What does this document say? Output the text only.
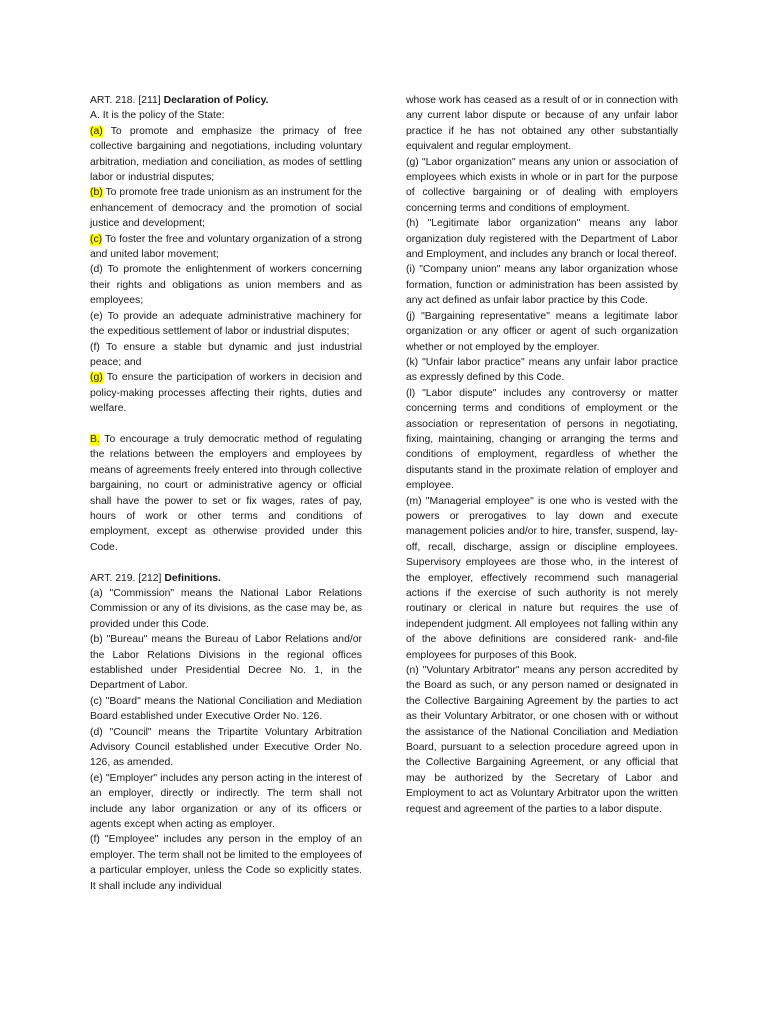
ART. 218. [211] Declaration of Policy.

A. It is the policy of the State:

(a) To promote and emphasize the primacy of free collective bargaining and negotiations, including voluntary arbitration, mediation and conciliation, as modes of settling labor or industrial disputes;

(b) To promote free trade unionism as an instrument for the enhancement of democracy and the promotion of social justice and development;

(c) To foster the free and voluntary organization of a strong and united labor movement;

(d) To promote the enlightenment of workers concerning their rights and obligations as union members and as employees;

(e) To provide an adequate administrative machinery for the expeditious settlement of labor or industrial disputes;

(f) To ensure a stable but dynamic and just industrial peace; and

(g) To ensure the participation of workers in decision and policy-making processes affecting their rights, duties and welfare.

B. To encourage a truly democratic method of regulating the relations between the employers and employees by means of agreements freely entered into through collective bargaining, no court or administrative agency or official shall have the power to set or fix wages, rates of pay, hours of work or other terms and conditions of employment, except as otherwise provided under this Code.

ART. 219. [212] Definitions.

(a) "Commission" means the National Labor Relations Commission or any of its divisions, as the case may be, as provided under this Code.

(b) "Bureau" means the Bureau of Labor Relations and/or the Labor Relations Divisions in the regional offices established under Presidential Decree No. 1, in the Department of Labor.

(c) "Board" means the National Conciliation and Mediation Board established under Executive Order No. 126.

(d) "Council" means the Tripartite Voluntary Arbitration Advisory Council established under Executive Order No. 126, as amended.

(e) "Employer" includes any person acting in the interest of an employer, directly or indirectly. The term shall not include any labor organization or any of its officers or agents except when acting as employer.

(f) "Employee" includes any person in the employ of an employer. The term shall not be limited to the employees of a particular employer, unless the Code so explicitly states. It shall include any individual

whose work has ceased as a result of or in connection with any current labor dispute or because of any unfair labor practice if he has not obtained any other substantially equivalent and regular employment.

(g) "Labor organization" means any union or association of employees which exists in whole or in part for the purpose of collective bargaining or of dealing with employers concerning terms and conditions of employment.

(h) "Legitimate labor organization" means any labor organization duly registered with the Department of Labor and Employment, and includes any branch or local thereof.

(i) "Company union" means any labor organization whose formation, function or administration has been assisted by any act defined as unfair labor practice by this Code.

(j) "Bargaining representative" means a legitimate labor organization or any officer or agent of such organization whether or not employed by the employer.

(k) "Unfair labor practice" means any unfair labor practice as expressly defined by this Code.

(l) "Labor dispute" includes any controversy or matter concerning terms and conditions of employment or the association or representation of persons in negotiating, fixing, maintaining, changing or arranging the terms and conditions of employment, regardless of whether the disputants stand in the proximate relation of employer and employee.

(m) "Managerial employee" is one who is vested with the powers or prerogatives to lay down and execute management policies and/or to hire, transfer, suspend, lay-off, recall, discharge, assign or discipline employees. Supervisory employees are those who, in the interest of the employer, effectively recommend such managerial actions if the exercise of such authority is not merely routinary or clerical in nature but requires the use of independent judgment. All employees not falling within any of the above definitions are considered rank- and-file employees for purposes of this Book.

(n) "Voluntary Arbitrator" means any person accredited by the Board as such, or any person named or designated in the Collective Bargaining Agreement by the parties to act as their Voluntary Arbitrator, or one chosen with or without the assistance of the National Conciliation and Mediation Board, pursuant to a selection procedure agreed upon in the Collective Bargaining Agreement, or any official that may be authorized by the Secretary of Labor and Employment to act as Voluntary Arbitrator upon the written request and agreement of the parties to a labor dispute.
